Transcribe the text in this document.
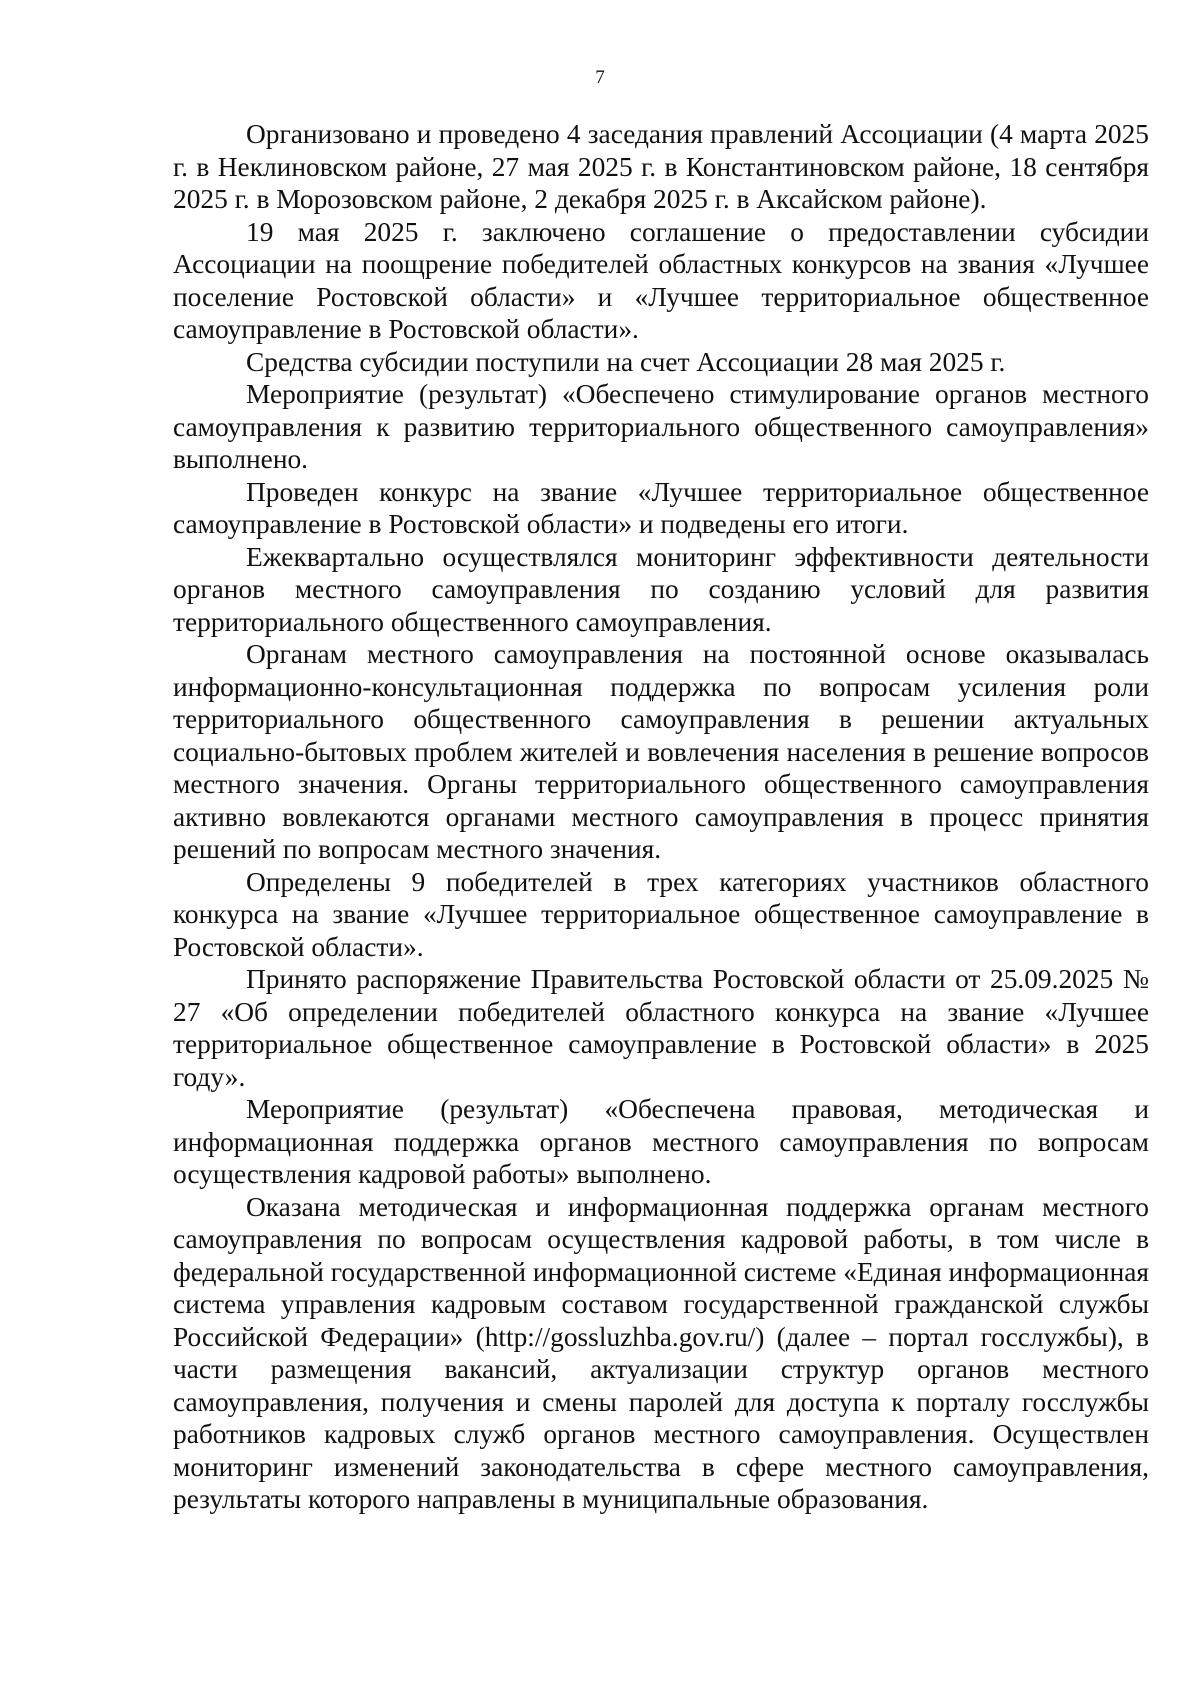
7

Организовано и проведено 4 заседания правлений Ассоциации (4 марта 2025 г. в Неклиновском районе, 27 мая 2025 г. в Константиновском районе, 18 сентября 2025 г. в Морозовском районе, 2 декабря 2025 г. в Аксайском районе).

19 мая 2025 г. заключено соглашение о предоставлении субсидии Ассоциации на поощрение победителей областных конкурсов на звания «Лучшее поселение Ростовской области» и «Лучшее территориальное общественное самоуправление в Ростовской области».

Средства субсидии поступили на счет Ассоциации 28 мая 2025 г.

Мероприятие (результат) «Обеспечено стимулирование органов местного самоуправления к развитию территориального общественного самоуправления» выполнено.

Проведен конкурс на звание «Лучшее территориальное общественное самоуправление в Ростовской области» и подведены его итоги.

Ежеквартально осуществлялся мониторинг эффективности деятельности органов местного самоуправления по созданию условий для развития территориального общественного самоуправления.

Органам местного самоуправления на постоянной основе оказывалась информационно-консультационная поддержка по вопросам усиления роли территориального общественного самоуправления в решении актуальных социально-бытовых проблем жителей и вовлечения населения в решение вопросов местного значения. Органы территориального общественного самоуправления активно вовлекаются органами местного самоуправления в процесс принятия решений по вопросам местного значения.

Определены 9 победителей в трех категориях участников областного конкурса на звание «Лучшее территориальное общественное самоуправление в Ростовской области».

Принято распоряжение Правительства Ростовской области от 25.09.2025 № 27 «Об определении победителей областного конкурса на звание «Лучшее территориальное общественное самоуправление в Ростовской области» в 2025 году».

Мероприятие (результат) «Обеспечена правовая, методическая и информационная поддержка органов местного самоуправления по вопросам осуществления кадровой работы» выполнено.

Оказана методическая и информационная поддержка органам местного самоуправления по вопросам осуществления кадровой работы, в том числе в федеральной государственной информационной системе «Единая информационная система управления кадровым составом государственной гражданской службы Российской Федерации» (http://gossluzhba.gov.ru/) (далее – портал госслужбы), в части размещения вакансий, актуализации структур органов местного самоуправления, получения и смены паролей для доступа к порталу госслужбы работников кадровых служб органов местного самоуправления. Осуществлен мониторинг изменений законодательства в сфере местного самоуправления, результаты которого направлены в муниципальные образования.
